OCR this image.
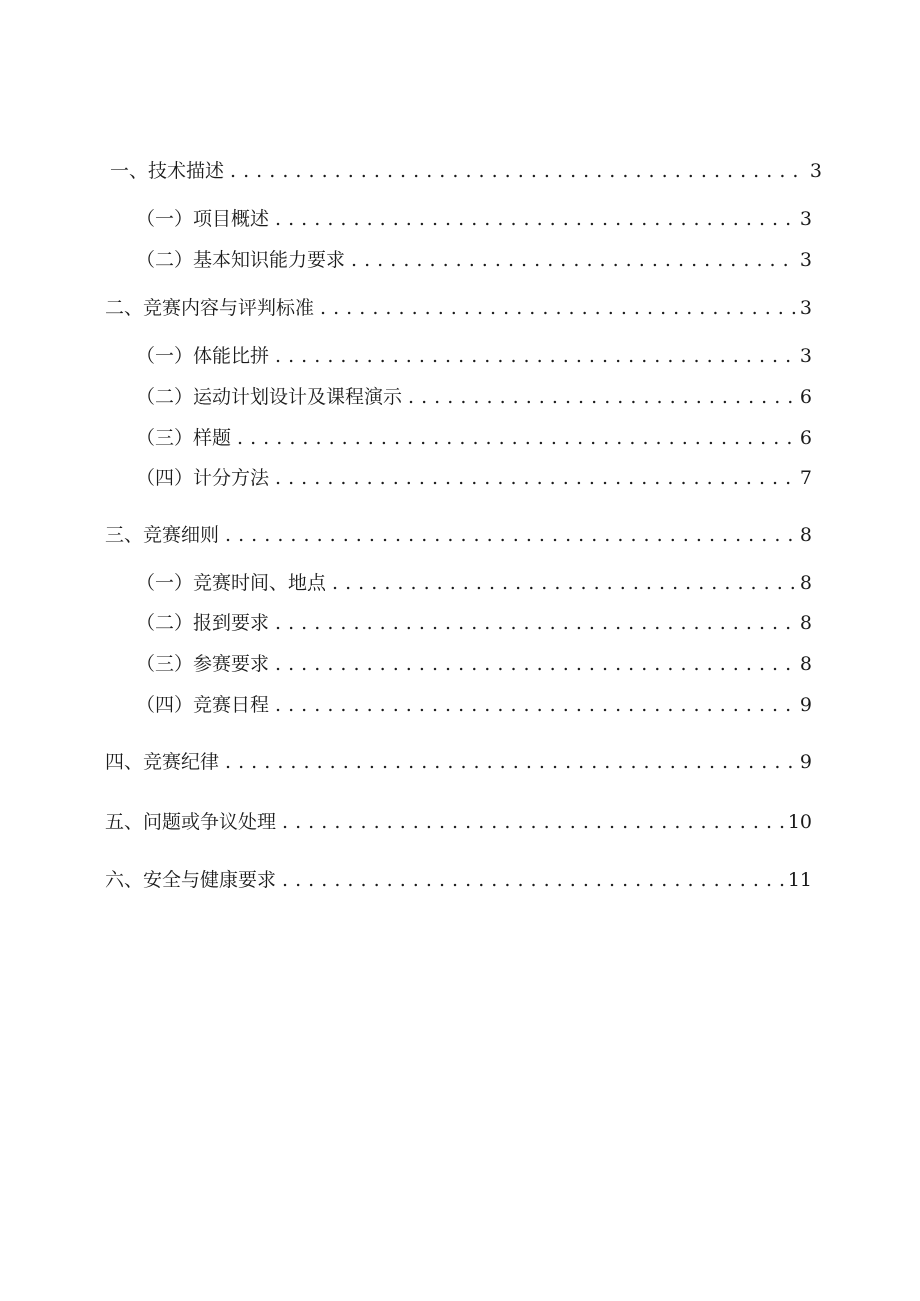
一、技术描述 . . .	3
（一）项目概述 . . .	3
（二）基本知识能力要求 . . .	3
二、竞赛内容与评判标准 . . .	3
（一）体能比拼 . . .	3
（二）运动计划设计及课程演示 . . .	6
（三）样题 . . .	6
（四）计分方法 . . .	7
三、竞赛细则 . . .	8
（一）竞赛时间、地点 . . .	8
（二）报到要求 . . .	8
（三）参赛要求 . . .	8
（四）竞赛日程 . . .	9
四、竞赛纪律 . . .	9
五、问题或争议处理 . . .	10
六、安全与健康要求 . . .	11
